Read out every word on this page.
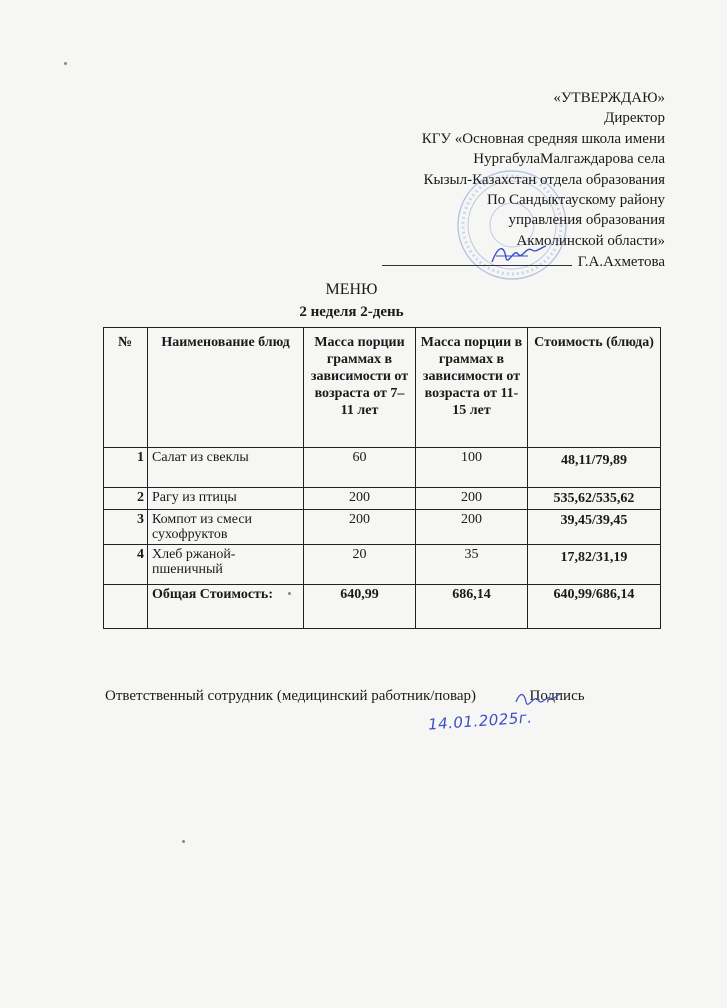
«УТВЕРЖДАЮ»
Директор
КГУ «Основная средняя школа имени
НургабулаМалгаждарова села
Кызыл-Казахстан отдела образования
По Сандыктаускому району
управления образования
Акмолинской области»
Г.А.Ахметова
МЕНЮ
2 неделя 2-день
№	Наименование блюд	Масса порции граммах в зависимости от возраста от 7–11 лет	Масса порции в граммах в зависимости от возраста от 11-15 лет	Стоимость (блюда)
1	Салат из свеклы	60	100	48,11/79,89
2	Рагу из птицы	200	200	535,62/535,62
3	Компот из смеси сухофруктов	200	200	39,45/39,45
4	Хлеб ржаной-пшеничный	20	35	17,82/31,19
	Общая Стоимость:	640,99	686,14	640,99/686,14
Ответственный сотрудник (медицинский работник/повар)	Подпись
14.01.2025г.
